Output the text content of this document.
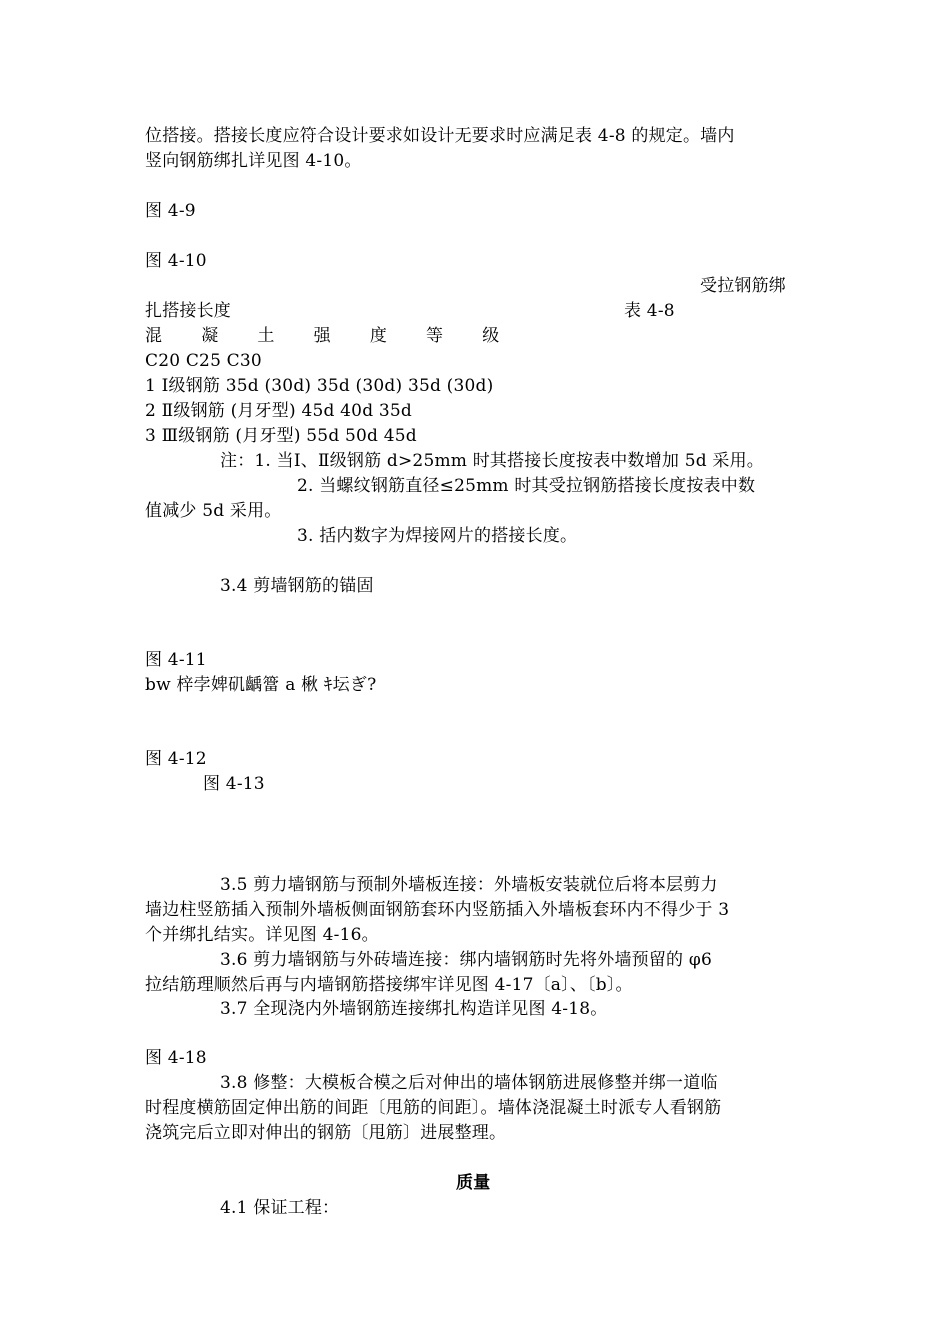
位搭接。搭接长度应符合设计要求如设计无要求时应满足表 4-8 的规定。墙内
竖向钢筋绑扎详见图 4-10。
图 4-9
图 4-10
受拉钢筋绑
扎搭接长度	表 4-8
混 凝 土 强 度 等 级
C20 C25 C30
1 Ⅰ级钢筋 35d (30d) 35d (30d) 35d (30d)
2 Ⅱ级钢筋 (月牙型) 45d 40d 35d
3 Ⅲ级钢筋 (月牙型) 55d 50d 45d
注：1. 当Ⅰ、Ⅱ级钢筋 d>25mm 时其搭接长度按表中数增加 5d 采用。
2. 当螺纹钢筋直径≤25mm 时其受拉钢筋搭接长度按表中数
值减少 5d 采用。
3. 括内数字为焊接网片的搭接长度。
3.4 剪墙钢筋的锚固
图 4-11
bw 梓孛婢矶齲簹 a 楸 ｷ坛ぎ?
图 4-12
图 4-13
3.5 剪力墙钢筋与预制外墙板连接：外墙板安装就位后将本层剪力
墙边柱竖筋插入预制外墙板侧面钢筋套环内竖筋插入外墙板套环内不得少于 3
个并绑扎结实。详见图 4-16。
3.6 剪力墙钢筋与外砖墙连接：绑内墙钢筋时先将外墙预留的 φ6
拉结筋理顺然后再与内墙钢筋搭接绑牢详见图 4-17〔a〕、〔b〕。
3.7 全现浇内外墙钢筋连接绑扎构造详见图 4-18。
图 4-18
3.8 修整：大模板合模之后对伸出的墙体钢筋进展修整并绑一道临
时程度横筋固定伸出筋的间距〔甩筋的间距〕。墙体浇混凝土时派专人看钢筋
浇筑完后立即对伸出的钢筋〔甩筋〕进展整理。
质量
4.1 保证工程：
